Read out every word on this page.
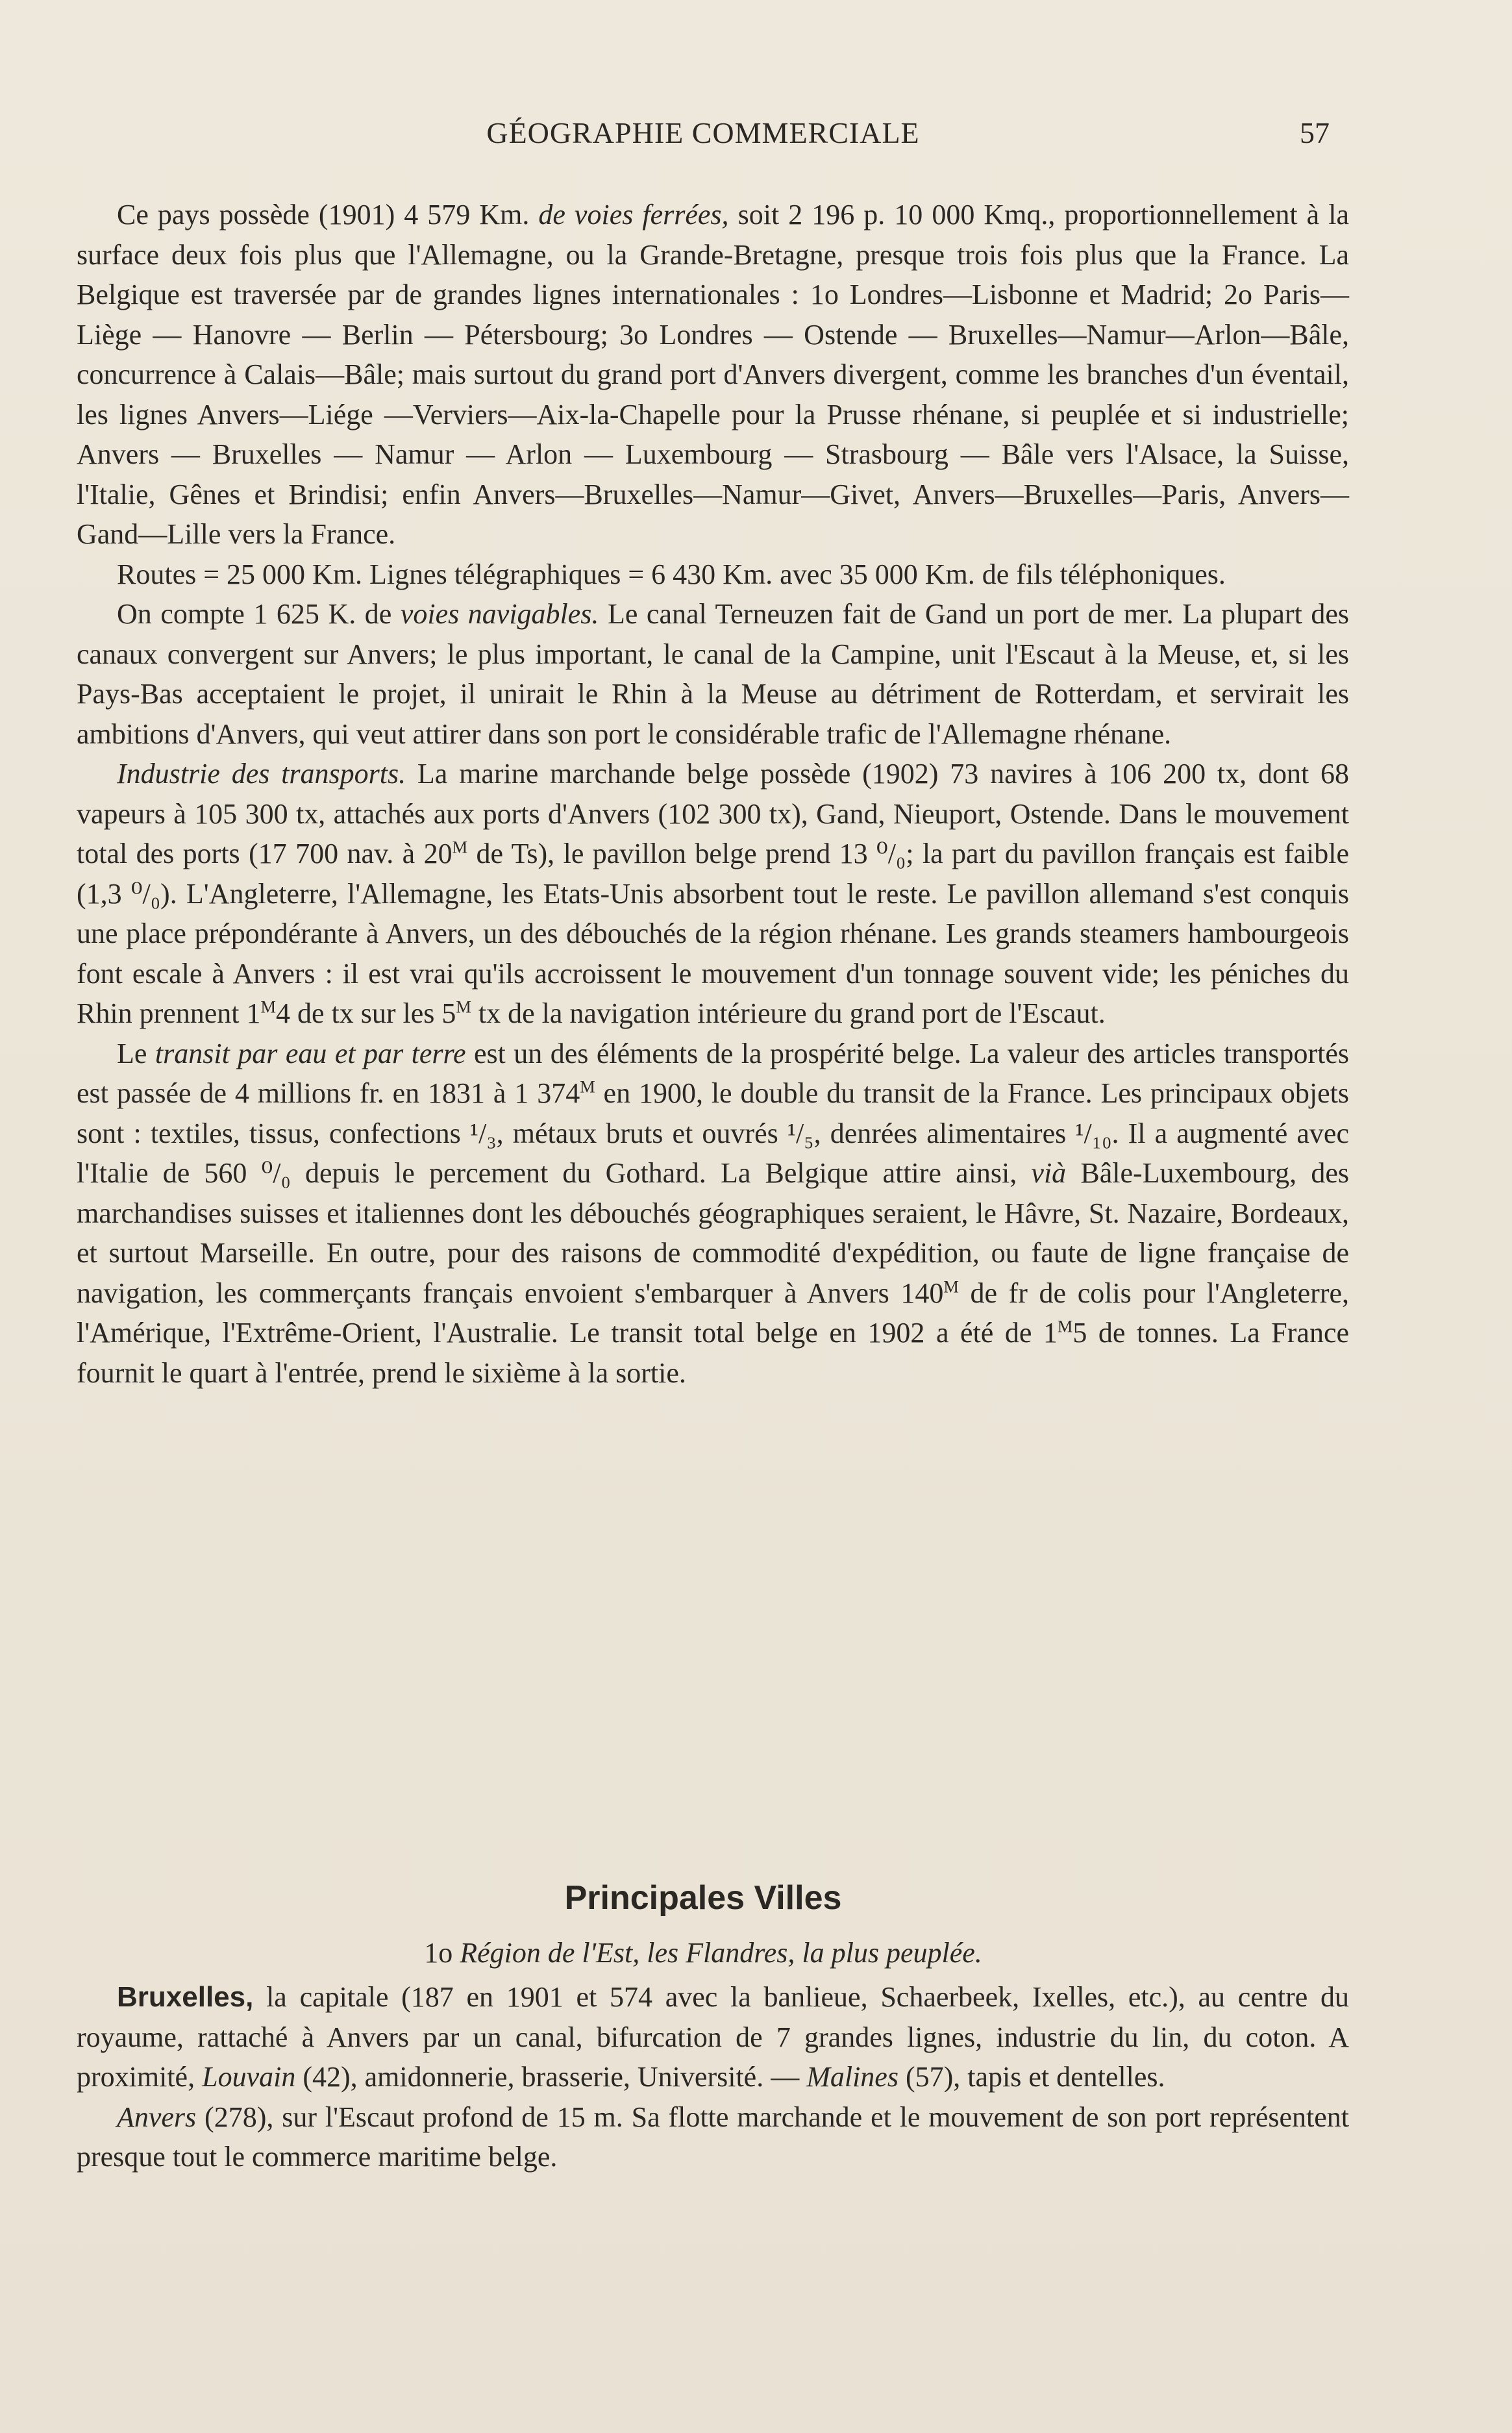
GÉOGRAPHIE COMMERCIALE	57

Ce pays possède (1901) 4 579 Km. de voies ferrées, soit 2 196 p. 10 000 Kmq., proportionnellement à la surface deux fois plus que l'Allemagne, ou la Grande-Bretagne, presque trois fois plus que la France. La Belgique est traversée par de grandes lignes internationales : 1o Londres—Lisbonne et Madrid; 2o Paris—Liège — Hanovre — Berlin — Pétersbourg; 3o Londres — Ostende — Bruxelles—Namur—Arlon—Bâle, concurrence à Calais—Bâle; mais surtout du grand port d'Anvers divergent, comme les branches d'un éventail, les lignes Anvers—Liége —Verviers—Aix-la-Chapelle pour la Prusse rhénane, si peuplée et si industrielle; Anvers — Bruxelles — Namur — Arlon — Luxembourg — Strasbourg — Bâle vers l'Alsace, la Suisse, l'Italie, Gênes et Brindisi; enfin Anvers—Bruxelles—Namur—Givet, Anvers—Bruxelles—Paris, Anvers—Gand—Lille vers la France.

Routes = 25 000 Km. Lignes télégraphiques = 6 430 Km. avec 35 000 Km. de fils téléphoniques.

On compte 1 625 K. de voies navigables. Le canal Terneuzen fait de Gand un port de mer. La plupart des canaux convergent sur Anvers; le plus important, le canal de la Campine, unit l'Escaut à la Meuse, et, si les Pays-Bas acceptaient le projet, il unirait le Rhin à la Meuse au détriment de Rotterdam, et servirait les ambitions d'Anvers, qui veut attirer dans son port le considérable trafic de l'Allemagne rhénane.

Industrie des transports. La marine marchande belge possède (1902) 73 navires à 106 200 tx, dont 68 vapeurs à 105 300 tx, attachés aux ports d'Anvers (102 300 tx), Gand, Nieuport, Ostende. Dans le mouvement total des ports (17 700 nav. à $20^M$ de Ts), le pavillon belge prend 13 ⁰/₀; la part du pavillon français est faible (1,3 ⁰/₀). L'Angleterre, l'Allemagne, les Etats-Unis absorbent tout le reste. Le pavillon allemand s'est conquis une place prépondérante à Anvers, un des débouchés de la région rhénane. Les grands steamers hambourgeois font escale à Anvers : il est vrai qu'ils accroissent le mouvement d'un tonnage souvent vide; les péniches du Rhin prennent $1^M4$ de tx sur les $5^M$ tx de la navigation intérieure du grand port de l'Escaut.

Le transit par eau et par terre est un des éléments de la prospérité belge. La valeur des articles transportés est passée de 4 millions fr. en 1831 à 1 $374^M$ en 1900, le double du transit de la France. Les principaux objets sont : textiles, tissus, confections ¹/₃, métaux bruts et ouvrés ¹/₅, denrées alimentaires ¹/₁₀. Il a augmenté avec l'Italie de 560 ⁰/₀ depuis le percement du Gothard. La Belgique attire ainsi, vià Bâle-Luxembourg, des marchandises suisses et italiennes dont les débouchés géographiques seraient, le Hâvre, St. Nazaire, Bordeaux, et surtout Marseille. En outre, pour des raisons de commodité d'expédition, ou faute de ligne française de navigation, les commerçants français envoient s'embarquer à Anvers $140^M$ de fr de colis pour l'Angleterre, l'Amérique, l'Extrême-Orient, l'Australie. Le transit total belge en 1902 a été de $1^M5$ de tonnes. La France fournit le quart à l'entrée, prend le sixième à la sortie.

Principales Villes
1o Région de l'Est, les Flandres, la plus peuplée.

Bruxelles, la capitale (187 en 1901 et 574 avec la banlieue, Schaerbeek, Ixelles, etc.), au centre du royaume, rattaché à Anvers par un canal, bifurcation de 7 grandes lignes, industrie du lin, du coton. A proximité, Louvain (42), amidonnerie, brasserie, Université. — Malines (57), tapis et dentelles.

Anvers (278), sur l'Escaut profond de 15 m. Sa flotte marchande et le mouvement de son port représentent presque tout le commerce maritime belge.
